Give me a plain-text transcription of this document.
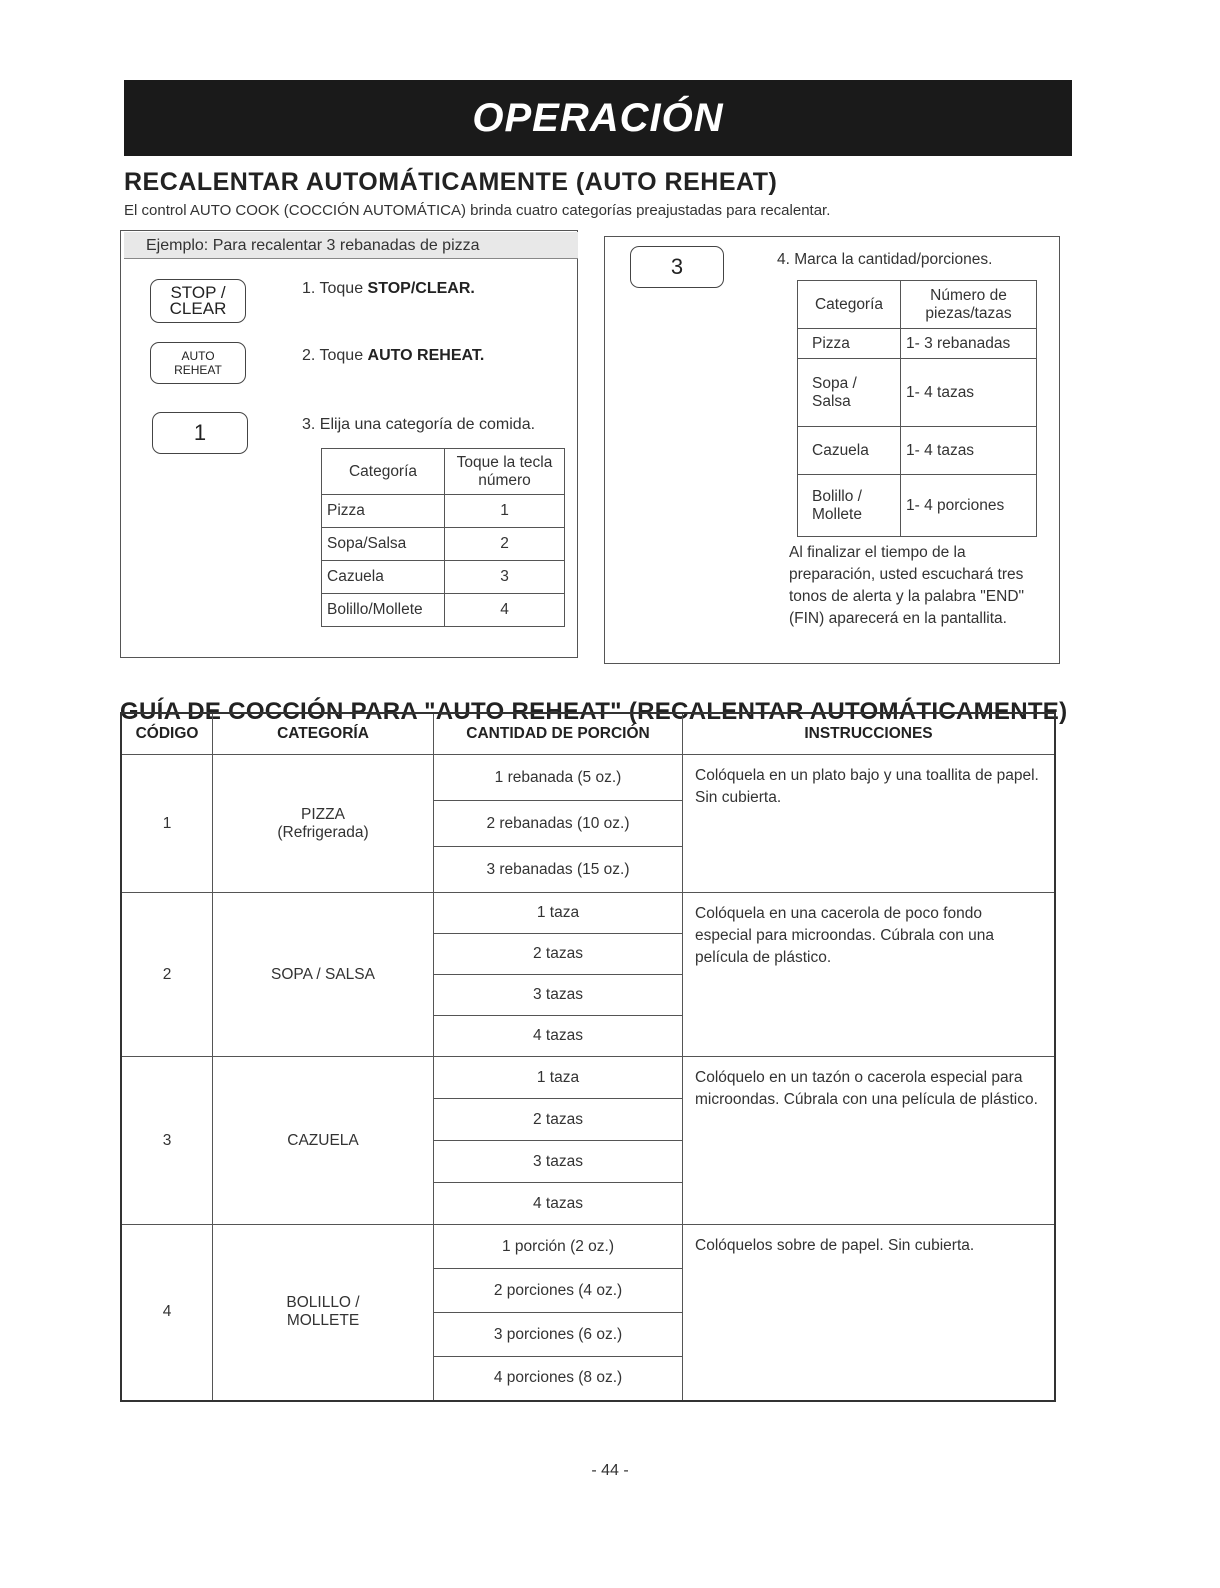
OPERACIÓN
RECALENTAR AUTOMÁTICAMENTE (AUTO REHEAT)
El control AUTO COOK (COCCIÓN AUTOMÁTICA) brinda cuatro categorías preajustadas para recalentar.
Ejemplo: Para recalentar 3 rebanadas de pizza
STOP / CLEAR
1. Toque STOP/CLEAR.
AUTO REHEAT
2. Toque AUTO REHEAT.
1	3. Elija una categoría de comida.
Categoría	Toque la tecla número
Pizza	1
Sopa/Salsa	2
Cazuela	3
Bolillo/Mollete	4
3	4. Marca la cantidad/porciones.
Categoría	Número de piezas/tazas
Pizza	1- 3 rebanadas
Sopa / Salsa	1- 4 tazas
Cazuela	1- 4 tazas
Bolillo / Mollete	1- 4 porciones
Al finalizar el tiempo de la preparación, usted escuchará tres tonos de alerta y la palabra "END" (FIN) aparecerá en la pantallita.
GUÍA DE COCCIÓN PARA "AUTO REHEAT" (RECALENTAR AUTOMÁTICAMENTE)
CÓDIGO	CATEGORÍA	CANTIDAD DE PORCIÓN	INSTRUCCIONES
1	PIZZA (Refrigerada)	1 rebanada (5 oz.)	Colóquela en un plato bajo y una toallita de papel. Sin cubierta.
		2 rebanadas (10 oz.)	
		3 rebanadas (15 oz.)	
2	SOPA / SALSA	1 taza	Colóquela en una cacerola de poco fondo especial para microondas. Cúbrala con una película de plástico.
		2 tazas	
		3 tazas	
		4 tazas	
3	CAZUELA	1 taza	Colóquelo en un tazón o cacerola especial para microondas. Cúbrala con una película de plástico.
		2 tazas	
		3 tazas	
		4 tazas	
4	BOLILLO / MOLLETE	1 porción (2 oz.)	Colóquelos sobre de papel. Sin cubierta.
		2 porciones (4 oz.)	
		3 porciones (6 oz.)	
		4 porciones (8 oz.)	
- 44 -
